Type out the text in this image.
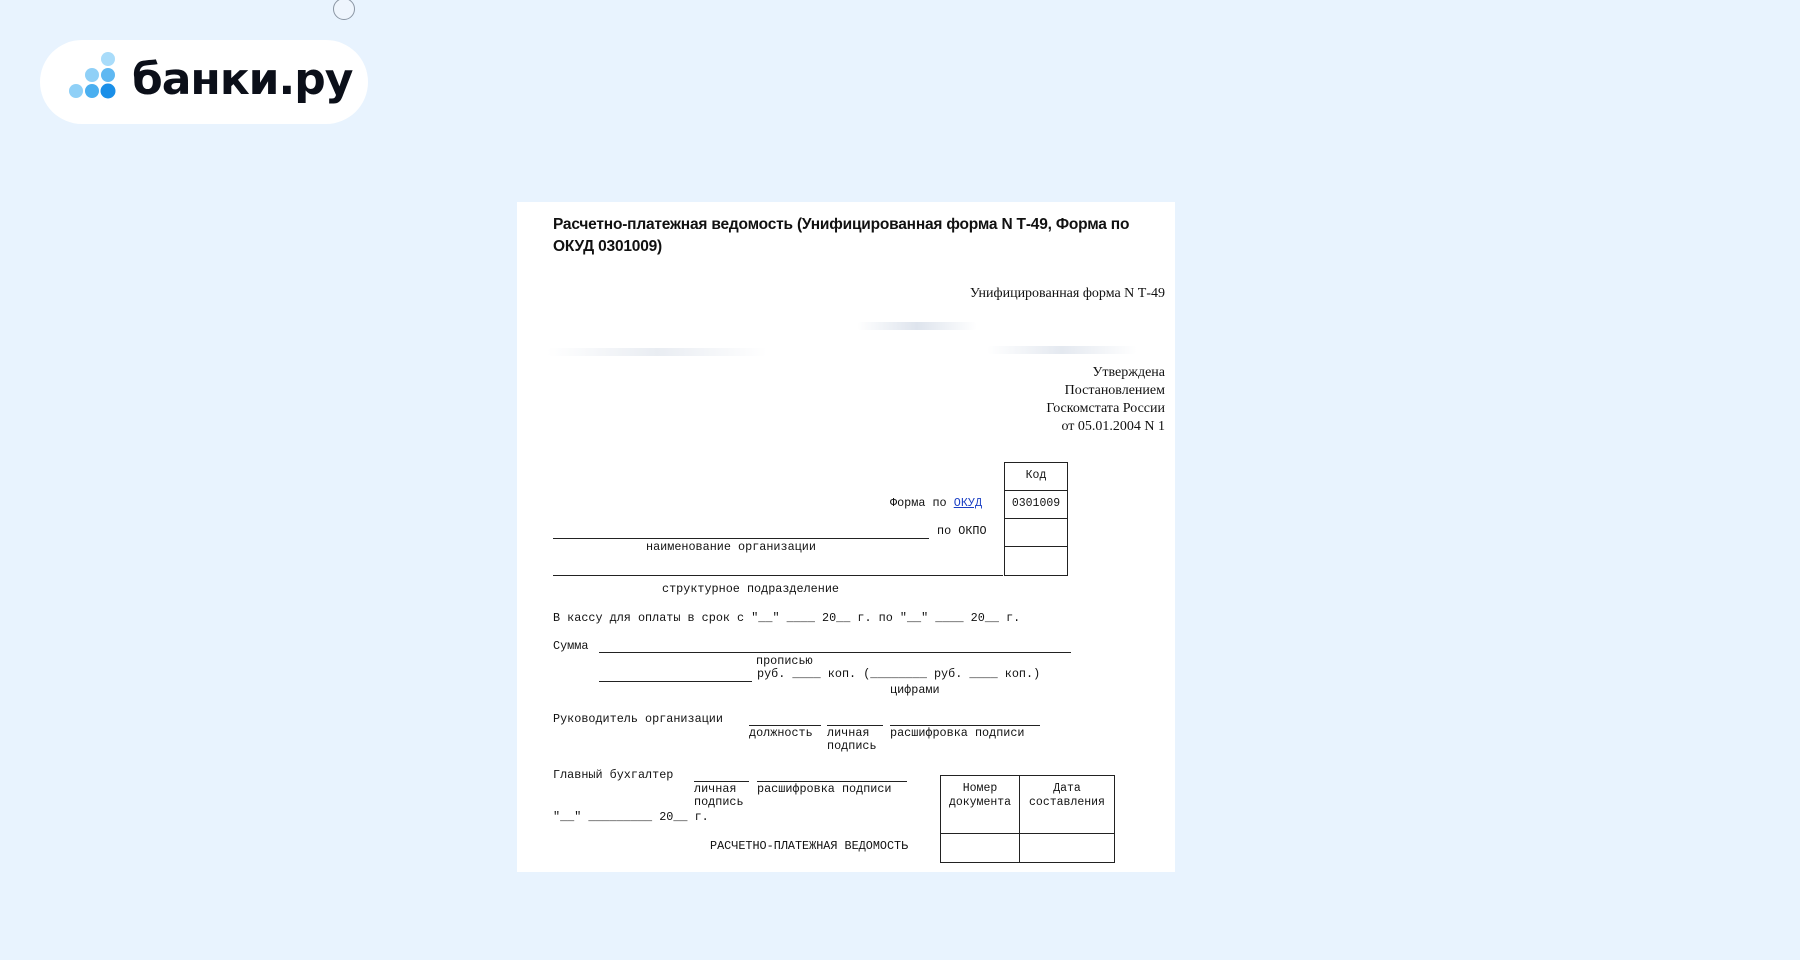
банки.ру
Расчетно-платежная ведомость (Унифицированная форма N Т-49, Форма по ОКУД 0301009)
Унифицированная форма N Т-49
Утверждена
Постановлением
Госкомстата России
от 05.01.2004 N 1
Код
0301009
Форма по ОКУД
по ОКПО
наименование организации
структурное подразделение
В кассу для оплаты в срок с "__" ____ 20__ г. по "__" ____ 20__ г.
Сумма
прописью
руб. ____ коп. (________ руб. ____ коп.)
цифрами
Руководитель организации
должность личная
подпись
расшифровка подписи
Главный бухгалтер
личная
подпись
расшифровка подписи
"__" _________ 20__ г.
РАСЧЕТНО-ПЛАТЕЖНАЯ ВЕДОМОСТЬ
Номер
документа
Дата
составления
